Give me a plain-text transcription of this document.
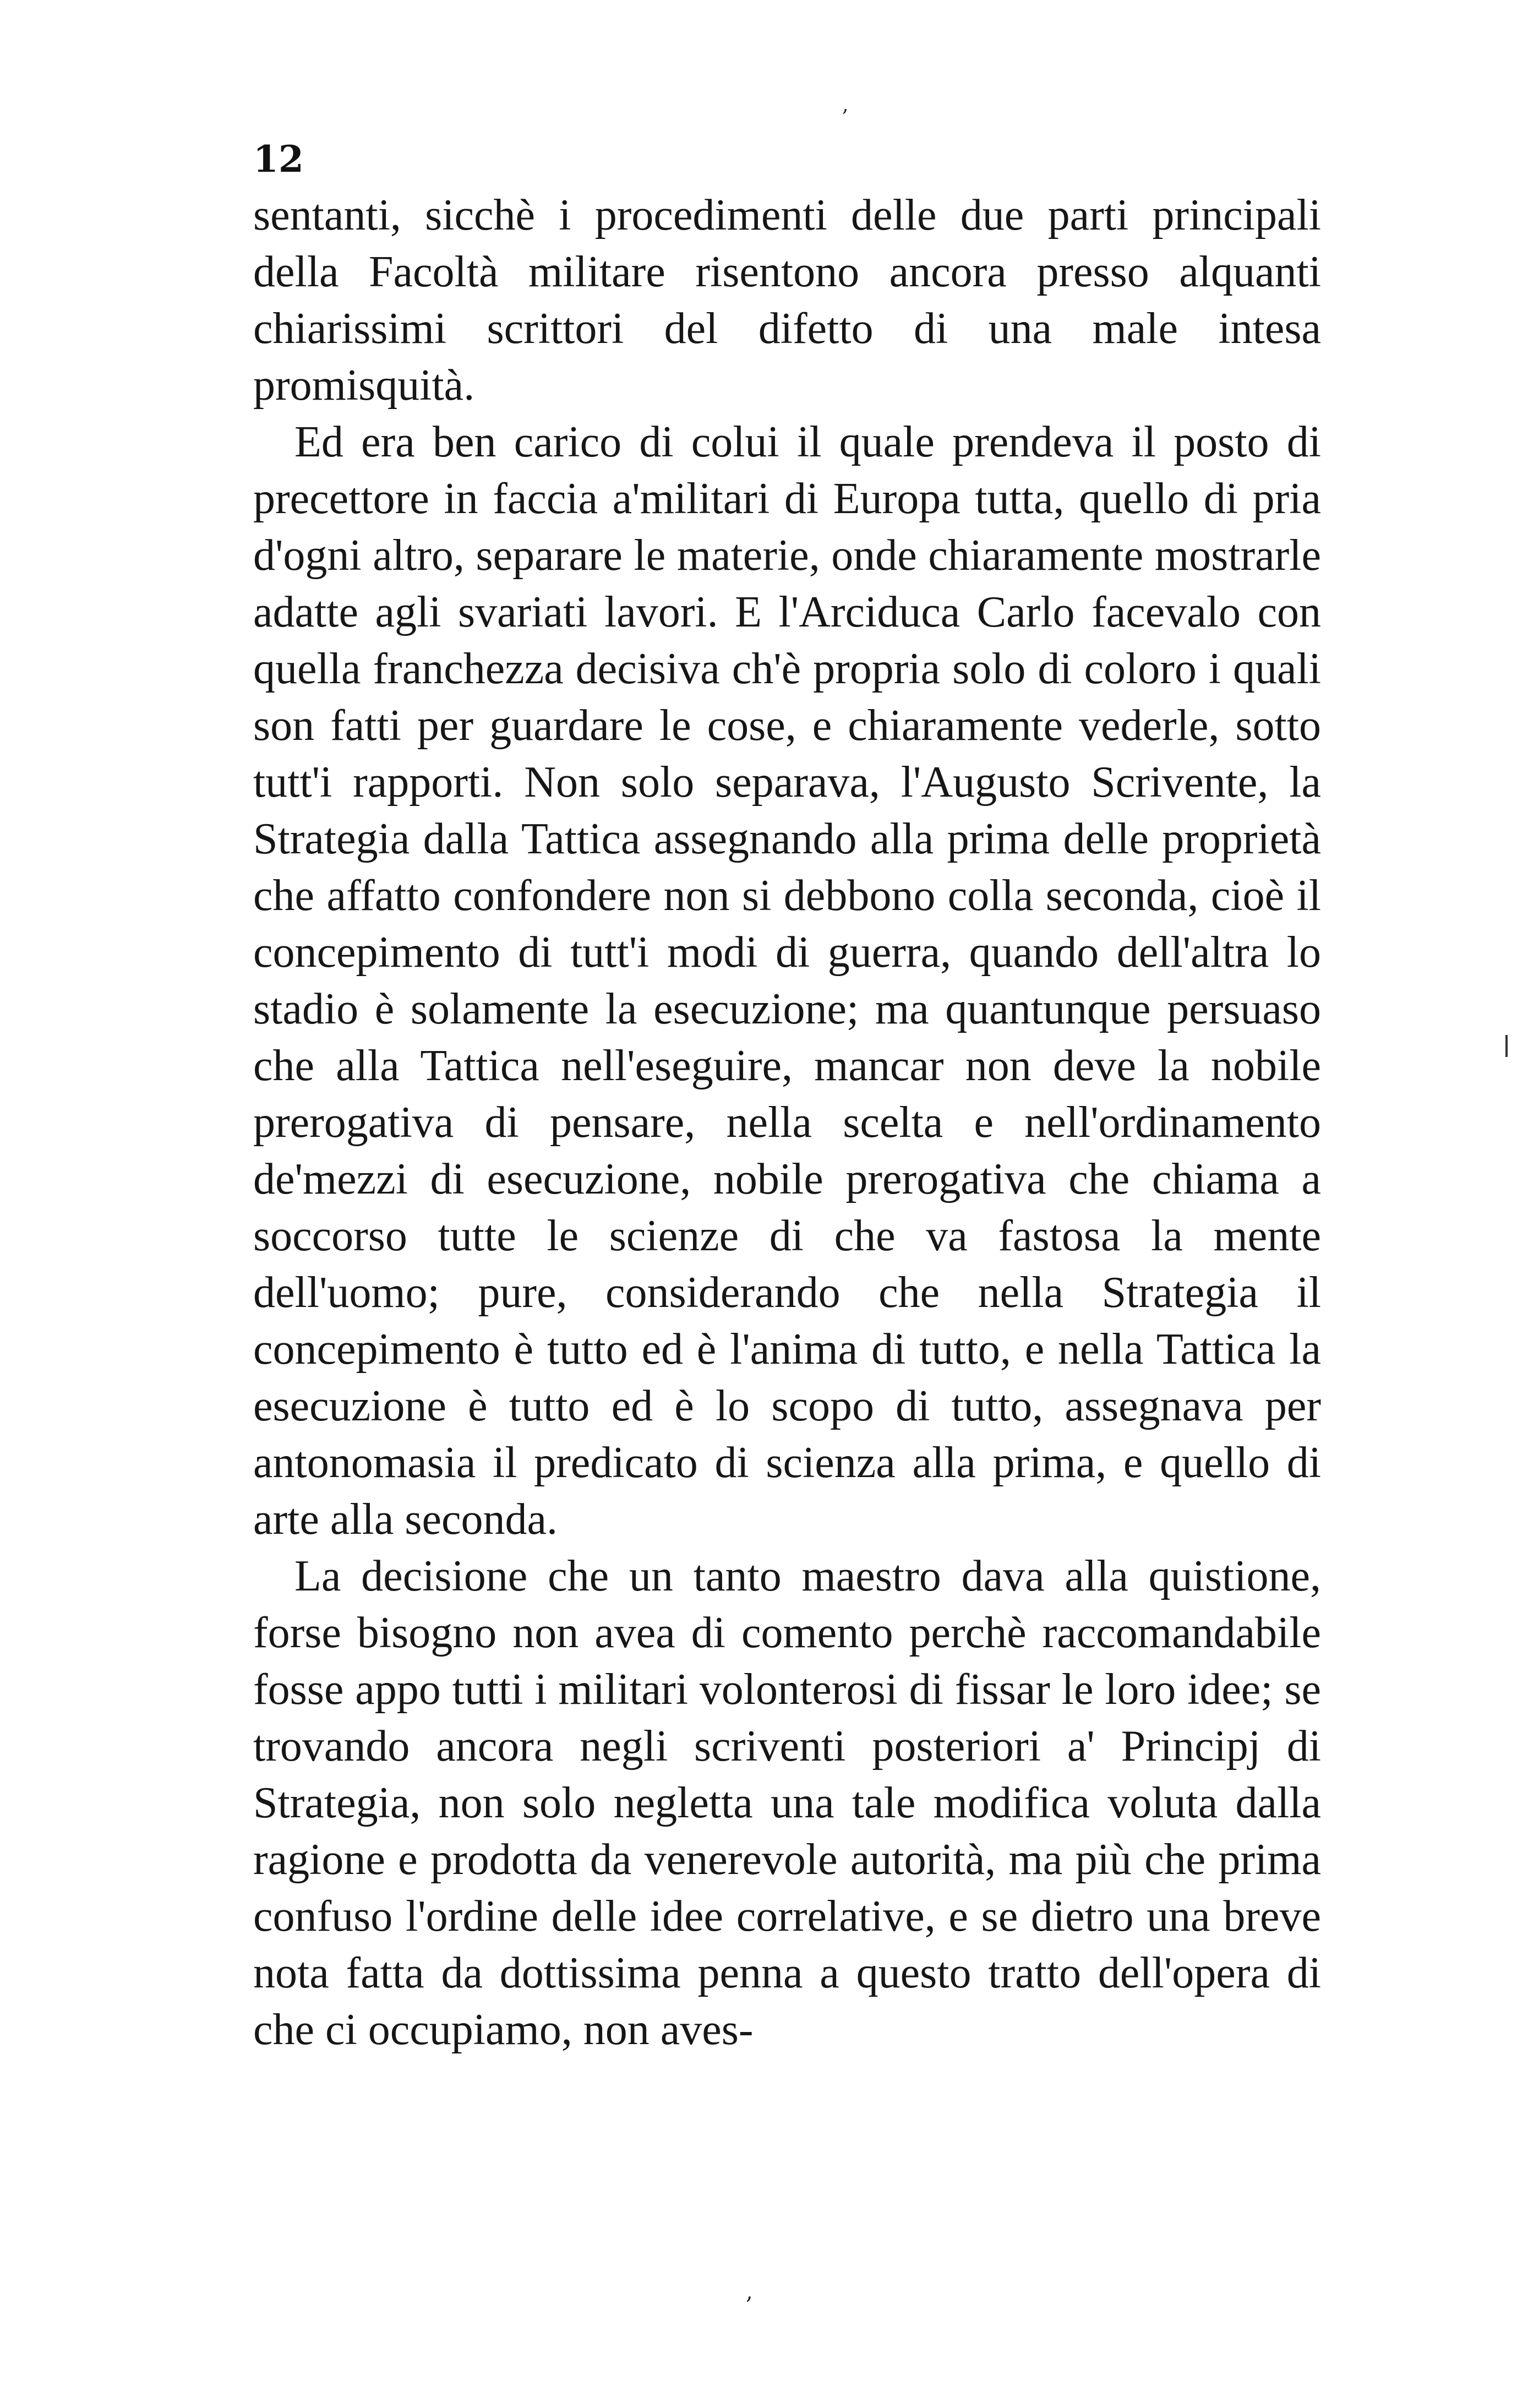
12

sentanti, sicchè i procedimenti delle due parti principali della Facoltà militare risentono ancora presso alquanti chiarissimi scrittori del difetto di una male intesa promisquità.

Ed era ben carico di colui il quale prendeva il posto di precettore in faccia a'militari di Europa tutta, quello di pria d'ogni altro, separare le materie, onde chiaramente mostrarle adatte agli svariati lavori. E l'Arciduca Carlo facevalo con quella franchezza decisiva ch'è propria solo di coloro i quali son fatti per guardare le cose, e chiaramente vederle, sotto tutt'i rapporti. Non solo separava, l'Augusto Scrivente, la Strategia dalla Tattica assegnando alla prima delle proprietà che affatto confondere non si debbono colla seconda, cioè il concepimento di tutt'i modi di guerra, quando dell'altra lo stadio è solamente la esecuzione; ma quantunque persuaso che alla Tattica nell'eseguire, mancar non deve la nobile prerogativa di pensare, nella scelta e nell'ordinamento de'mezzi di esecuzione, nobile prerogativa che chiama a soccorso tutte le scienze di che va fastosa la mente dell'uomo; pure, considerando che nella Strategia il concepimento è tutto ed è l'anima di tutto, e nella Tattica la esecuzione è tutto ed è lo scopo di tutto, assegnava per antonomasia il predicato di scienza alla prima, e quello di arte alla seconda.

La decisione che un tanto maestro dava alla quistione, forse bisogno non avea di comento perchè raccomandabile fosse appo tutti i militari volonterosi di fissar le loro idee; se trovando ancora negli scriventi posteriori a' Principj di Strategia, non solo negletta una tale modifica voluta dalla ragione e prodotta da venerevole autorità, ma più che prima confuso l'ordine delle idee correlative, e se dietro una breve nota fatta da dottissima penna a questo tratto dell'opera di che ci occupiamo, non aves-

,
,
